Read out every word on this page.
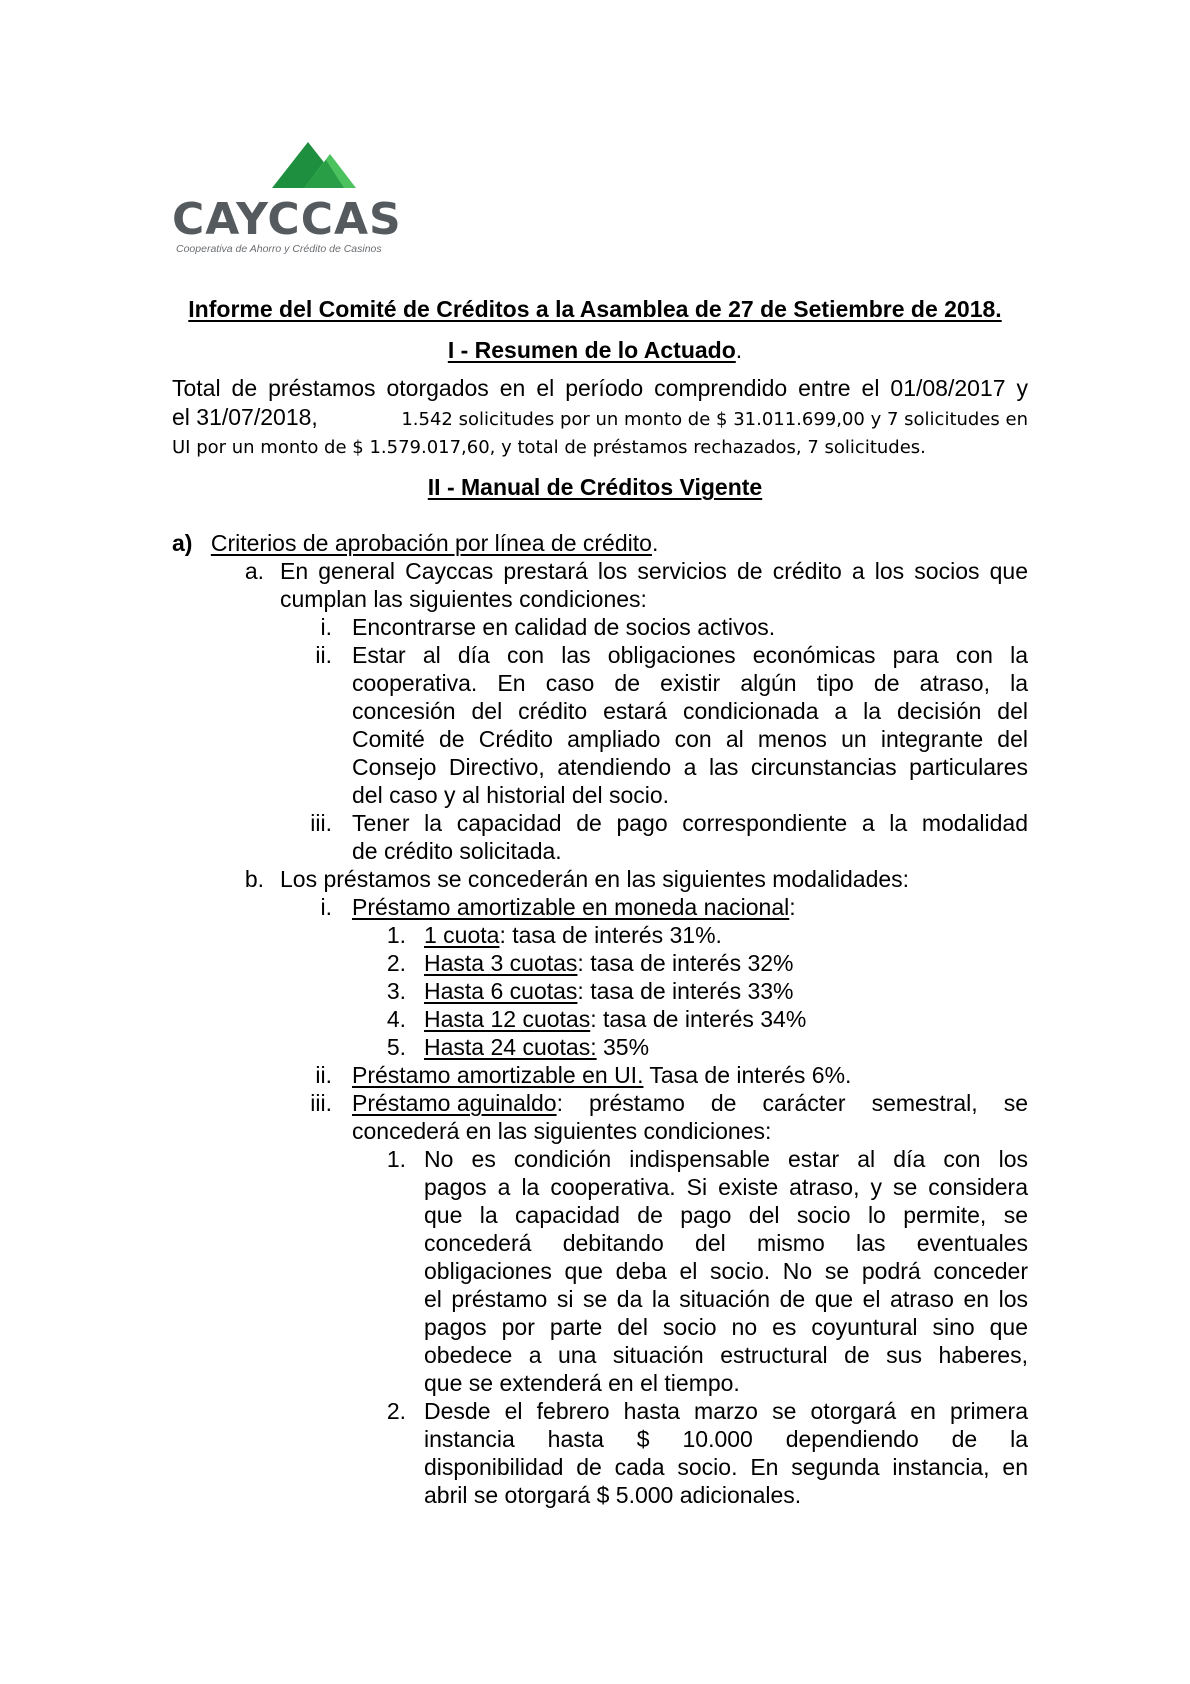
CAYCCAS
Cooperativa de Ahorro y Crédito de Casinos
Informe del Comité de Créditos a la Asamblea de 27 de Setiembre de 2018.
I - Resumen de lo Actuado.
Total de préstamos otorgados en el período comprendido entre el 01/08/2017 y
el 31/07/2018,	1.542 solicitudes por un monto de $ 31.011.699,00 y 7 solicitudes en
UI por un monto de $ 1.579.017,60, y total de préstamos rechazados, 7 solicitudes.
II - Manual de Créditos Vigente
a) Criterios de aprobación por línea de crédito.
a. En general Cayccas prestará los servicios de crédito a los socios que
cumplan las siguientes condiciones:
i. Encontrarse en calidad de socios activos.
ii. Estar al día con las obligaciones económicas para con la
cooperativa. En caso de existir algún tipo de atraso, la
concesión del crédito estará condicionada a la decisión del
Comité de Crédito ampliado con al menos un integrante del
Consejo Directivo, atendiendo a las circunstancias particulares
del caso y al historial del socio.
iii. Tener la capacidad de pago correspondiente a la modalidad
de crédito solicitada.
b. Los préstamos se concederán en las siguientes modalidades:
i. Préstamo amortizable en moneda nacional:
1. 1 cuota: tasa de interés 31%.
2. Hasta 3 cuotas: tasa de interés 32%
3. Hasta 6 cuotas: tasa de interés 33%
4. Hasta 12 cuotas: tasa de interés 34%
5. Hasta 24 cuotas: 35%
ii. Préstamo amortizable en UI. Tasa de interés 6%.
iii. Préstamo aguinaldo : préstamo de carácter semestral, se
concederá en las siguientes condiciones:
1. No es condición indispensable estar al día con los
pagos a la cooperativa. Si existe atraso, y se considera
que la capacidad de pago del socio lo permite, se
concederá debitando del mismo las eventuales
obligaciones que deba el socio. No se podrá conceder
el préstamo si se da la situación de que el atraso en los
pagos por parte del socio no es coyuntural sino que
obedece a una situación estructural de sus haberes,
que se extenderá en el tiempo.
2. Desde el febrero hasta marzo se otorgará en primera
instancia hasta $ 10.000 dependiendo de la
disponibilidad de cada socio. En segunda instancia, en
abril se otorgará $ 5.000 adicionales.
